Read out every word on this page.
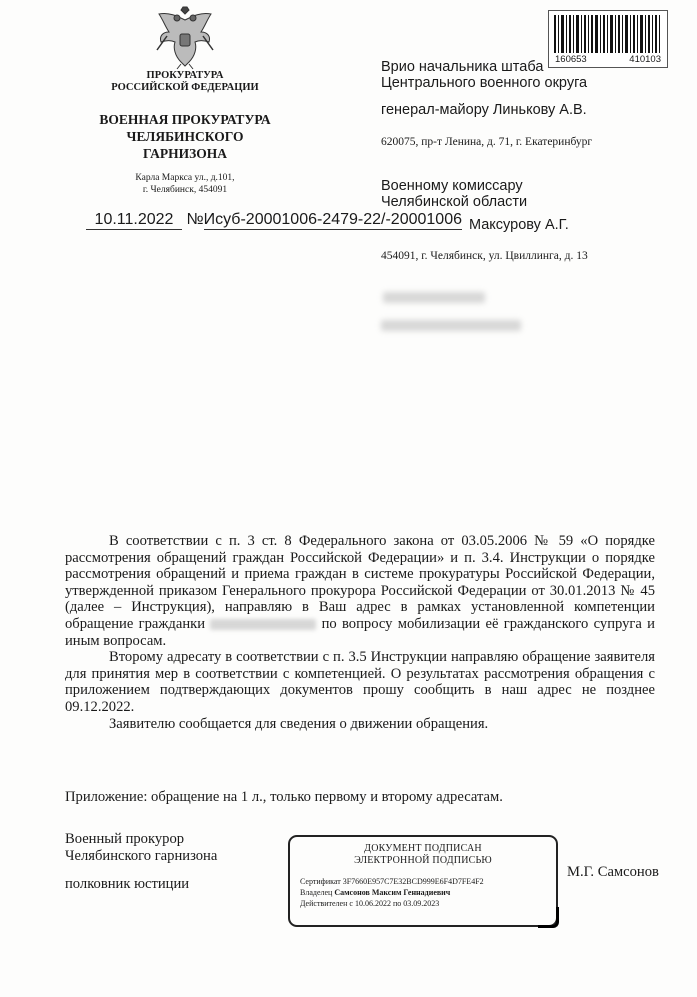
ПРОКУРАТУРА
РОССИЙСКОЙ ФЕДЕРАЦИИ
ВОЕННАЯ ПРОКУРАТУРА
ЧЕЛЯБИНСКОГО
ГАРНИЗОНА
Карла Маркса ул., д.101,
г. Челябинск, 454091
10.11.2022 №Исуб-20001006-2479-22/-20001006
160653	410103
Врио начальника штаба
Центрального военного округа
генерал-майору Линькову А.В.
620075, пр-т Ленина, д. 71, г. Екатеринбург
Военному комиссару
Челябинской области
Максурову А.Г.
454091, г. Челябинск, ул. Цвиллинга, д. 13

В соответствии с п. 3 ст. 8 Федерального закона от 03.05.2006 № 59 «О порядке рассмотрения обращений граждан Российской Федерации» и п. 3.4. Инструкции о порядке рассмотрения обращений и приема граждан в системе прокуратуры Российской Федерации, утвержденной приказом Генерального прокурора Российской Федерации от 30.01.2013 № 45 (далее – Инструкция), направляю в Ваш адрес в рамках установленной компетенции обращение гражданки	по вопросу мобилизации её гражданского супруга и иным вопросам.

Второму адресату в соответствии с п. 3.5 Инструкции направляю обращение заявителя для принятия мер в соответствии с компетенцией. О результатах рассмотрения обращения с приложением подтверждающих документов прошу сообщить в наш адрес не позднее 09.12.2022.

Заявителю сообщается для сведения о движении обращения.

Приложение: обращение на 1 л., только первому и второму адресатам.
Военный прокурор
Челябинского гарнизона
полковник юстиции
ДОКУМЕНТ ПОДПИСАН
ЭЛЕКТРОННОЙ ПОДПИСЬЮ
Сертификат 3F7660E957C7E32BCD999E6F4D7FE4F2
Владелец Самсонов Максим Геннадиевич
Действителен с 10.06.2022 по 03.09.2023
М.Г. Самсонов
